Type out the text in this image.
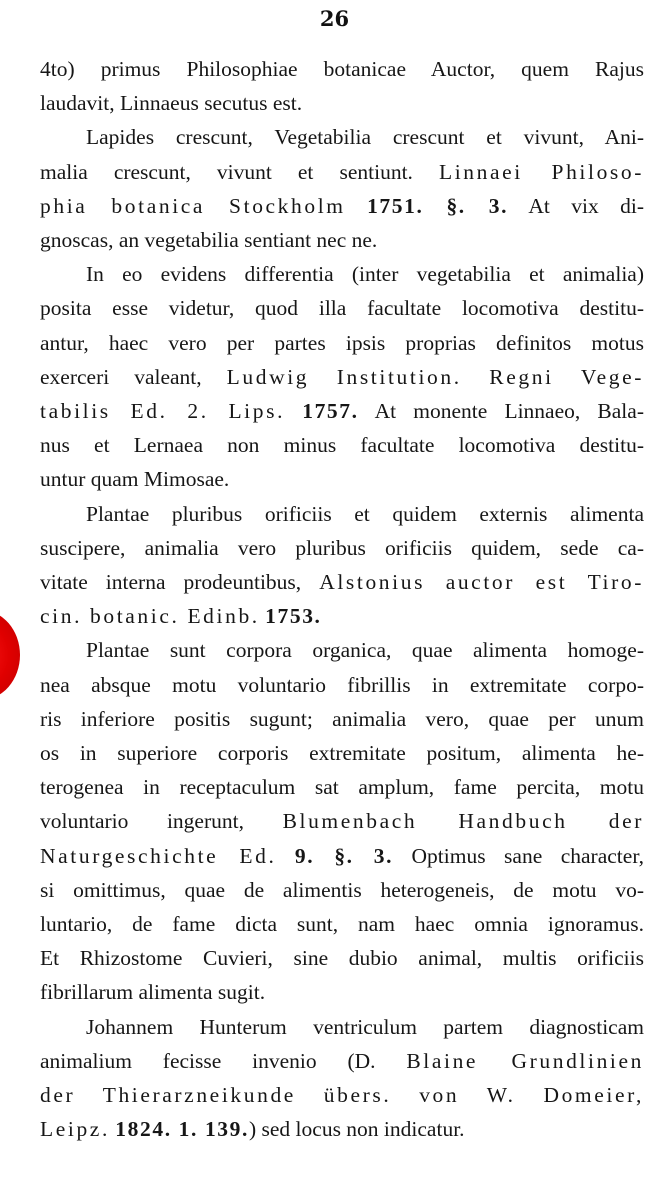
26
4to) primus Philosophiae botanicae Auctor, quem Rajus
laudavit, Linnaeus secutus est.
Lapides crescunt, Vegetabilia crescunt et vivunt, Ani-
malia crescunt, vivunt et sentiunt. Linnaei Philoso-
phia botanica Stockholm 1751. §. 3. At vix di-
gnoscas, an vegetabilia sentiant nec ne.
In eo evidens differentia (inter vegetabilia et animalia)
posita esse videtur, quod illa facultate locomotiva destitu-
antur, haec vero per partes ipsis proprias definitos motus
exerceri valeant, Ludwig Institution. Regni Vege-
tabilis Ed. 2. Lips. 1757. At monente Linnaeo, Bala-
nus et Lernaea non minus facultate locomotiva destitu-
untur quam Mimosae.
Plantae pluribus orificiis et quidem externis alimenta
suscipere, animalia vero pluribus orificiis quidem, sede ca-
vitate interna prodeuntibus, Alstonius auctor est Tiro-
cin. botanic. Edinb. 1753.
Plantae sunt corpora organica, quae alimenta homoge-
nea absque motu voluntario fibrillis in extremitate corpo-
ris inferiore positis sugunt; animalia vero, quae per unum
os in superiore corporis extremitate positum, alimenta he-
terogenea in receptaculum sat amplum, fame percita, motu
voluntario ingerunt, Blumenbach Handbuch der
Naturgeschichte Ed. 9. §. 3. Optimus sane character,
si omittimus, quae de alimentis heterogeneis, de motu vo-
luntario, de fame dicta sunt, nam haec omnia ignoramus.
Et Rhizostome Cuvieri, sine dubio animal, multis orificiis
fibrillarum alimenta sugit.
Johannem Hunterum ventriculum partem diagnosticam
animalium fecisse invenio (D. Blaine Grundlinien
der Thierarzneikunde übers. von W. Domeier,
Leipz. 1824. 1. 139.) sed locus non indicatur.
